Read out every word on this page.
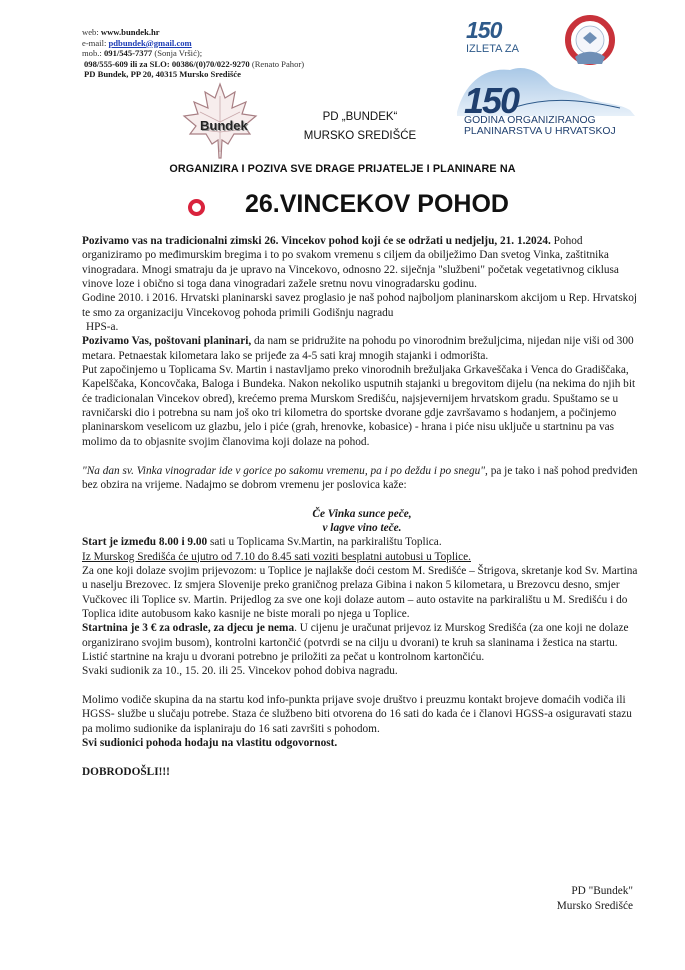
web: www.bundek.hr
e-mail: pdbundek@gmail.com
mob.: 091/545-7377 (Sonja Vršić);
098/555-609 ili za SLO: 00386/(0)70/022-9270 (Renato Pahor)
PD Bundek, PP 20, 40315 Mursko Središće
150
IZLETA ZA
150
GODINA ORGANIZIRANOG
PLANINARSTVA U HRVATSKOJ
Bundek
PD „BUNDEK“
MURSKO SREDIŠĆE
ORGANIZIRA I POZIVA SVE DRAGE PRIJATELJE I PLANINARE NA
26.VINCEKOV POHOD

Pozivamo vas na tradicionalni zimski 26. Vincekov pohod koji će se održati u nedjelju, 21. 1.2024. Pohod organiziramo po međimurskim bregima i to po svakom vremenu s ciljem da obilježimo Dan svetog Vinka, zaštitnika vinogradara. Mnogi smatraju da je upravo na Vincekovo, odnosno 22. siječnja "službeni" početak vegetativnog ciklusa vinove loze i obično si toga dana vinogradari zažele sretnu novu vinogradarsku godinu.

Godine 2010. i 2016. Hrvatski planinarski savez proglasio je naš pohod najboljom planinarskom akcijom u Rep. Hrvatskoj te smo za organizaciju Vincekovog pohoda primili Godišnju nagradu
HPS-a.

Pozivamo Vas, poštovani planinari, da nam se pridružite na pohodu po vinorodnim brežuljcima, nijedan nije viši od 300 metara. Petnaestak kilometara lako se prijeđe za 4-5 sati kraj mnogih stajanki i odmorišta.

Put započinjemo u Toplicama Sv. Martin i nastavljamo preko vinorodnih brežuljaka Grkaveščaka i Venca do Gradiščaka, Kapelščaka, Koncovčaka, Baloga i Bundeka. Nakon nekoliko usputnih stajanki u bregovitom dijelu (na nekima do njih bit će tradicionalan Vincekov obred), krećemo prema Murskom Središću, najsjevernijem hrvatskom gradu. Spuštamo se u ravničarski dio i potrebna su nam još oko tri kilometra do sportske dvorane gdje završavamo s hodanjem, a počinjemo planinarskom veselicom uz glazbu, jelo i piće (grah, hrenovke, kobasice) - hrana i piće nisu uključe u startninu pa vas molimo da to objasnite svojim članovima koji dolaze na pohod.

"Na dan sv. Vinka vinogradar ide v gorice po sakomu vremenu, pa i po deždu i po snegu", pa je tako i naš pohod predviđen bez obzira na vrijeme. Nadajmo se dobrom vremenu jer poslovica kaže:

Če Vinka sunce peče,

v lagve vino teče.

Start je između 8.00 i 9.00 sati u Toplicama Sv.Martin, na parkiralištu Toplica.

Iz Murskog Središća će ujutro od 7.10 do 8.45 sati voziti besplatni autobusi u Toplice.

Za one koji dolaze svojim prijevozom: u Toplice je najlakše doći cestom M. Središće – Štrigova, skretanje kod Sv. Martina u naselju Brezovec. Iz smjera Slovenije preko graničnog prelaza Gibina i nakon 5 kilometara, u Brezovcu desno, smjer Vučkovec ili Toplice sv. Martin. Prijedlog za sve one koji dolaze autom – auto ostavite na parkiralištu u M. Središću i do Toplica idite autobusom kako kasnije ne biste morali po njega u Toplice.

Startnina je 3 € za odrasle, za djecu je nema. U cijenu je uračunat prijevoz iz Murskog Središća (za one koji ne dolaze organizirano svojim busom), kontrolni kartončić (potvrdi se na cilju u dvorani) te kruh sa slaninama i žestica na startu. Listić startnine na kraju u dvorani potrebno je priložiti za pečat u kontrolnom kartončiću.

Svaki sudionik za 10., 15. 20. ili 25. Vincekov pohod dobiva nagradu.

Molimo vodiče skupina da na startu kod info-punkta prijave svoje društvo i preuzmu kontakt brojeve domaćih vodiča ili HGSS- službe u slučaju potrebe. Staza će službeno biti otvorena do 16 sati do kada će i članovi HGSS-a osiguravati stazu pa molimo sudionike da isplaniraju do 16 sati završiti s pohodom.

Svi sudionici pohoda hodaju na vlastitu odgovornost.

DOBRODOŠLI!!!

PD "Bundek"
Mursko Središće
